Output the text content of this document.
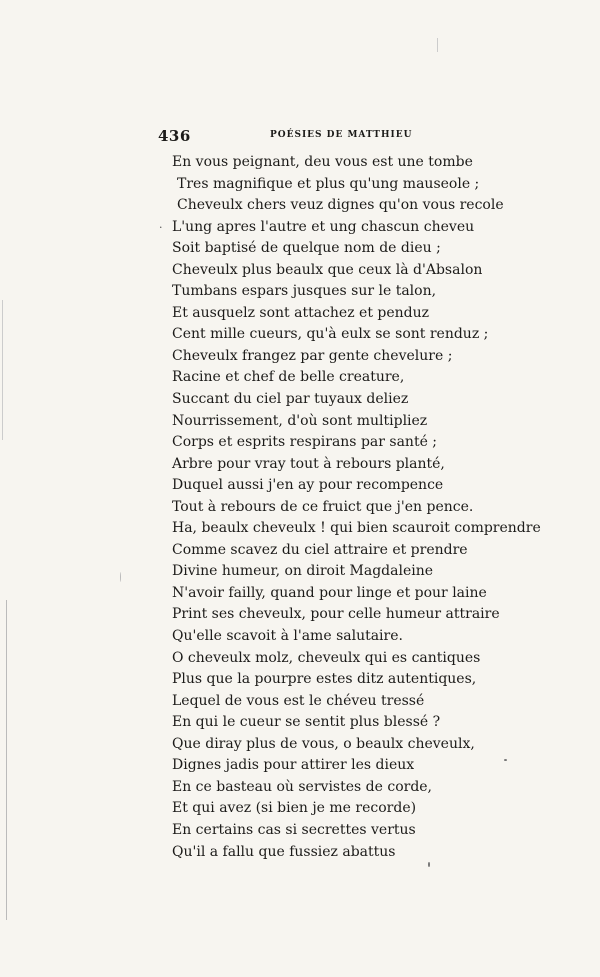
436	POÉSIES DE MATTHIEU
En vous peignant, deu vous est une tombe
Tres magnifique et plus qu'ung mauseole ;
Cheveulx chers veuz dignes qu'on vous recole
· L'ung apres l'autre et ung chascun cheveu
Soit baptisé de quelque nom de dieu ;
Cheveulx plus beaulx que ceux là d'Absalon
Tumbans espars jusques sur le talon,
Et ausquelz sont attachez et penduz
Cent mille cueurs, qu'à eulx se sont renduz ;
Cheveulx frangez par gente chevelure ;
Racine et chef de belle creature,
Succant du ciel par tuyaux deliez
Nourrissement, d'où sont multipliez
Corps et esprits respirans par santé ;
Arbre pour vray tout à rebours planté,
Duquel aussi j'en ay pour recompence
Tout à rebours de ce fruict que j'en pence.
Ha, beaulx cheveulx ! qui bien scauroit comprendre
Comme scavez du ciel attraire et prendre
Divine humeur, on diroit Magdaleine
N'avoir failly, quand pour linge et pour laine
Print ses cheveulx, pour celle humeur attraire
Qu'elle scavoit à l'ame salutaire.
O cheveulx molz, cheveulx qui es cantiques
Plus que la pourpre estes ditz autentiques,
Lequel de vous est le chéveu tressé
En qui le cueur se sentit plus blessé ?
Que diray plus de vous, o beaulx cheveulx,
Dignes jadis pour attirer les dieux
En ce basteau où servistes de corde,
Et qui avez (si bien je me recorde)
En certains cas si secrettes vertus
Qu'il a fallu que fussiez abattus
